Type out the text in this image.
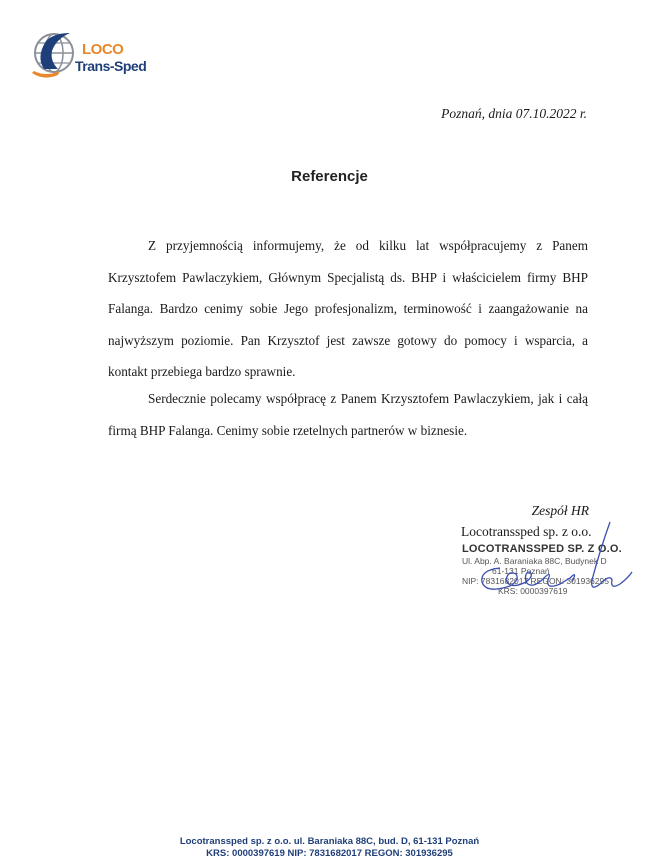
LOCO
Trans-Sped
Poznań, dnia 07.10.2022 r.
Referencje
Z przyjemnością informujemy, że od kilku lat współpracujemy z Panem Krzysztofem Pawlaczykiem, Głównym Specjalistą ds. BHP i właścicielem firmy BHP Falanga. Bardzo cenimy sobie Jego profesjonalizm, terminowość i zaangażowanie na najwyższym poziomie. Pan Krzysztof jest zawsze gotowy do pomocy i wsparcia, a kontakt przebiega bardzo sprawnie.
Serdecznie polecamy współpracę z Panem Krzysztofem Pawlaczykiem, jak i całą firmą BHP Falanga. Cenimy sobie rzetelnych partnerów w biznesie.
Zespół HR
Locotranssped sp. z o.o.
LOCOTRANSSPED SP. Z O.O.
Ul. Abp. A. Baraniaka 88C, Budynek D
61-131 Poznań
NIP: 7831682017 REGON: 301936295
KRS: 0000397619
Locotranssped sp. z o.o. ul. Baraniaka 88C, bud. D, 61-131 Poznań
KRS: 0000397619 NIP: 7831682017 REGON: 301936295
